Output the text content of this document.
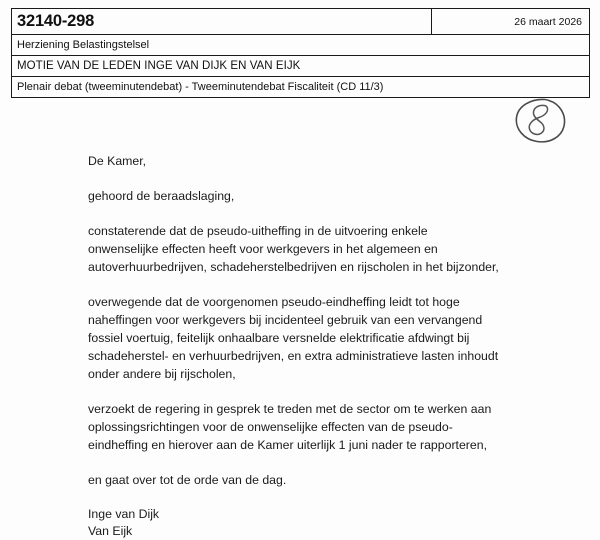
32140-298	26 maart 2026

Herziening Belastingstelsel

MOTIE VAN DE LEDEN INGE VAN DIJK EN VAN EIJK

Plenair debat (tweeminutendebat) - Tweeminutendebat Fiscaliteit (CD 11/3)

De Kamer,

gehoord de beraadslaging,

constaterende dat de pseudo-uitheffing in de uitvoering enkele onwenselijke effecten heeft voor werkgevers in het algemeen en autoverhuurbedrijven, schadeherstelbedrijven en rijscholen in het bijzonder,

overwegende dat de voorgenomen pseudo-eindheffing leidt tot hoge naheffingen voor werkgevers bij incidenteel gebruik van een vervangend fossiel voertuig, feitelijk onhaalbare versnelde elektrificatie afdwingt bij schadeherstel- en verhuurbedrijven, en extra administratieve lasten inhoudt onder andere bij rijscholen,

verzoekt de regering in gesprek te treden met de sector om te werken aan oplossingsrichtingen voor de onwenselijke effecten van de pseudo-eindheffing en hierover aan de Kamer uiterlijk 1 juni nader te rapporteren,

en gaat over tot de orde van de dag.

Inge van Dijk

Van Eijk
